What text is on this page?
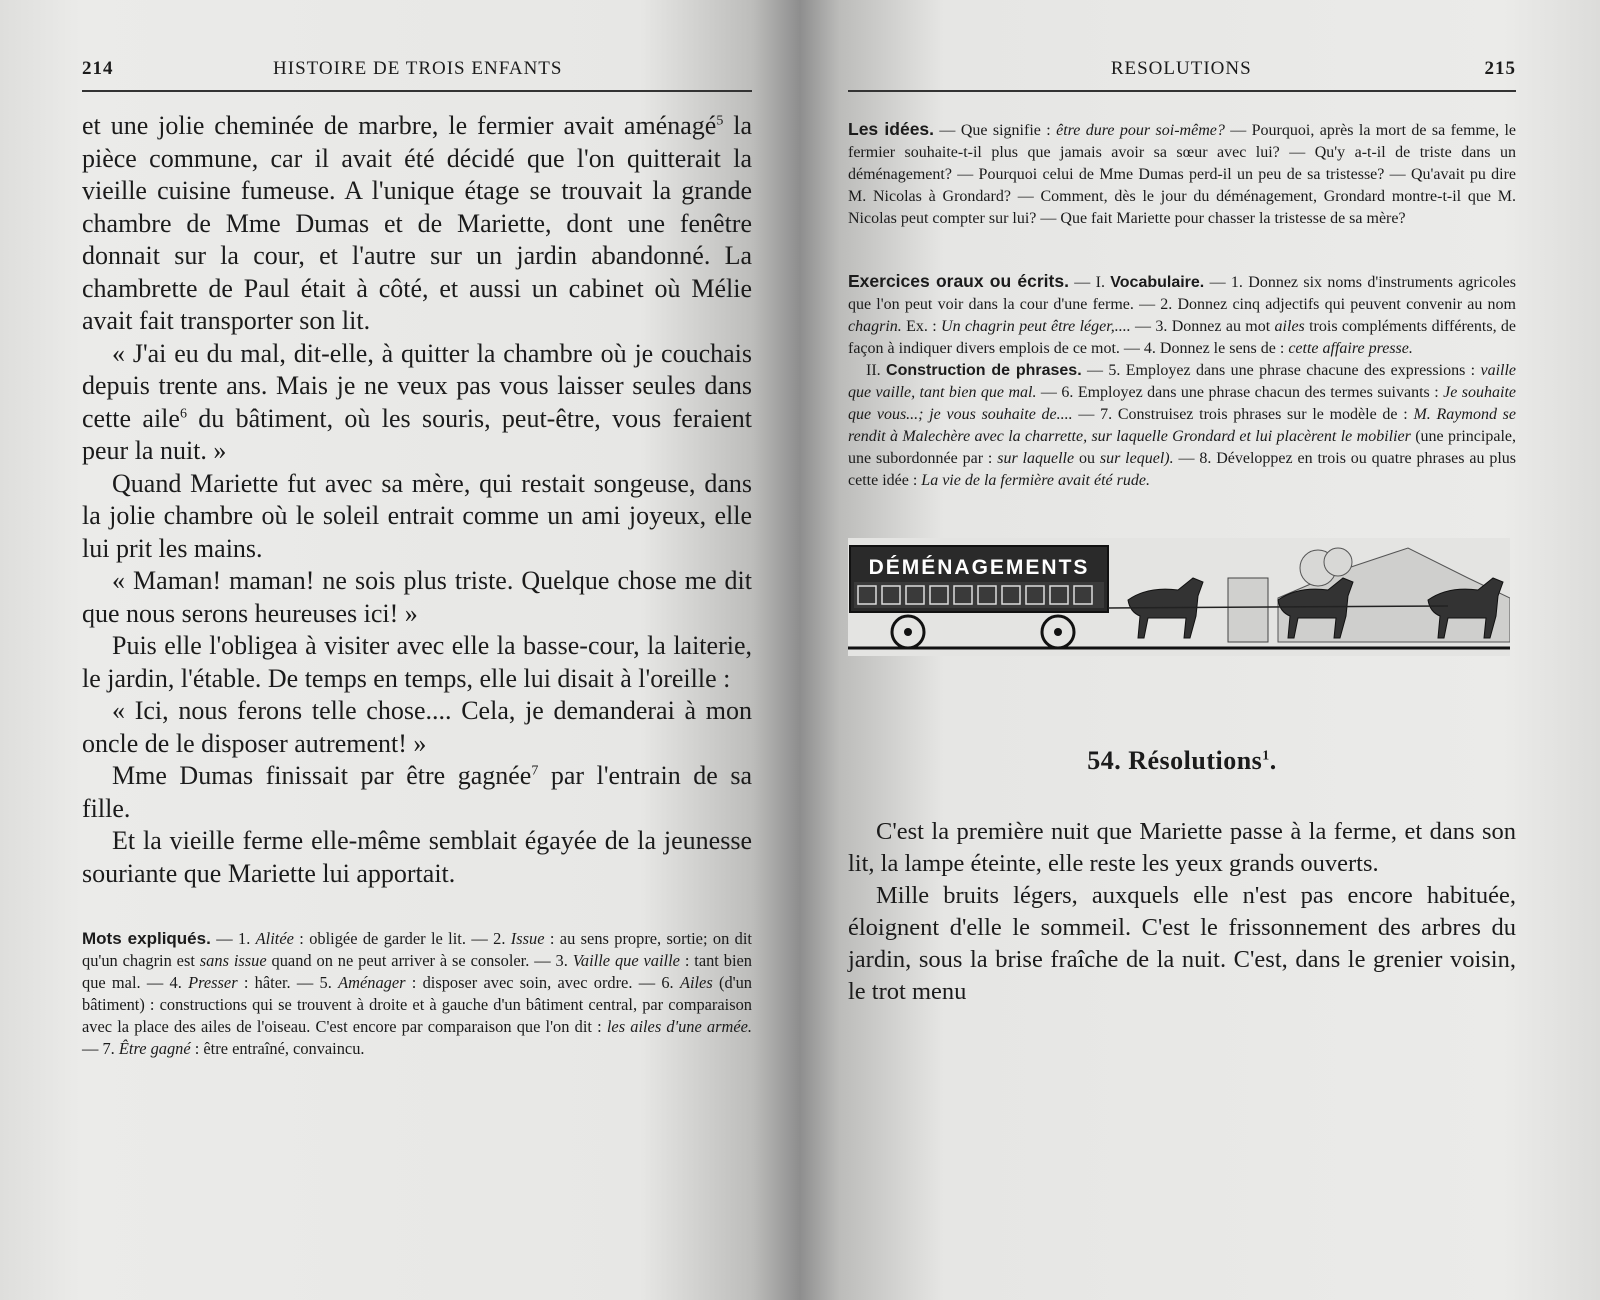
214	HISTOIRE DE TROIS ENFANTS

et une jolie cheminée de marbre, le fermier avait aménagé$^5$ la pièce commune, car il avait été décidé que l'on quitterait la vieille cuisine fumeuse. A l'unique étage se trouvait la grande chambre de Mme Dumas et de Mariette, dont une fenêtre donnait sur la cour, et l'autre sur un jardin abandonné. La chambrette de Paul était à côté, et aussi un cabinet où Mélie avait fait transporter son lit.

« J'ai eu du mal, dit-elle, à quitter la chambre où je couchais depuis trente ans. Mais je ne veux pas vous laisser seules dans cette aile$^6$ du bâtiment, où les souris, peut-être, vous feraient peur la nuit. »

Quand Mariette fut avec sa mère, qui restait songeuse, dans la jolie chambre où le soleil entrait comme un ami joyeux, elle lui prit les mains.

« Maman! maman! ne sois plus triste. Quelque chose me dit que nous serons heureuses ici! »

Puis elle l'obligea à visiter avec elle la basse-cour, la laiterie, le jardin, l'étable. De temps en temps, elle lui disait à l'oreille :

« Ici, nous ferons telle chose.... Cela, je demanderai à mon oncle de le disposer autrement! »

Mme Dumas finissait par être gagnée$^7$ par l'entrain de sa fille.

Et la vieille ferme elle-même semblait égayée de la jeunesse souriante que Mariette lui apportait.

Mots expliqués. — 1. Alitée : obligée de garder le lit. — 2. Issue : au sens propre, sortie; on dit qu'un chagrin est sans issue quand on ne peut arriver à se consoler. — 3. Vaille que vaille : tant bien que mal. — 4. Presser : hâter. — 5. Aménager : disposer avec soin, avec ordre. — 6. Ailes (d'un bâtiment) : constructions qui se trouvent à droite et à gauche d'un bâtiment central, par comparaison avec la place des ailes de l'oiseau. C'est encore par comparaison que l'on dit : les ailes d'une armée. — 7. Être gagné : être entraîné, convaincu.
RESOLUTIONS	215

Les idées. — Que signifie : être dure pour soi-même? — Pourquoi, après la mort de sa femme, le fermier souhaite-t-il plus que jamais avoir sa sœur avec lui? — Qu'y a-t-il de triste dans un déménagement? — Pourquoi celui de Mme Dumas perd-il un peu de sa tristesse? — Qu'avait pu dire M. Nicolas à Grondard? — Comment, dès le jour du déménagement, Grondard montre-t-il que M. Nicolas peut compter sur lui? — Que fait Mariette pour chasser la tristesse de sa mère?

Exercices oraux ou écrits. — I. Vocabulaire. — 1. Donnez six noms d'instruments agricoles que l'on peut voir dans la cour d'une ferme. — 2. Donnez cinq adjectifs qui peuvent convenir au nom chagrin. Ex. : Un chagrin peut être léger,.... — 3. Donnez au mot ailes trois compléments différents, de façon à indiquer divers emplois de ce mot. — 4. Donnez le sens de : cette affaire presse.

II. Construction de phrases. — 5. Employez dans une phrase chacune des expressions : vaille que vaille, tant bien que mal. — 6. Employez dans une phrase chacun des termes suivants : Je souhaite que vous...; je vous souhaite de.... — 7. Construisez trois phrases sur le modèle de : M. Raymond se rendit à Malechère avec la charrette, sur laquelle Grondard et lui placèrent le mobilier (une principale, une subordonnée par : sur laquelle ou sur lequel). — 8. Développez en trois ou quatre phrases au plus cette idée : La vie de la fermière avait été rude.

DÉMÉNAGEMENTS
54. Résolutions$^1$.

C'est la première nuit que Mariette passe à la ferme, et dans son lit, la lampe éteinte, elle reste les yeux grands ouverts.

Mille bruits légers, auxquels elle n'est pas encore habituée, éloignent d'elle le sommeil. C'est le frissonnement des arbres du jardin, sous la brise fraîche de la nuit. C'est, dans le grenier voisin, le trot menu
